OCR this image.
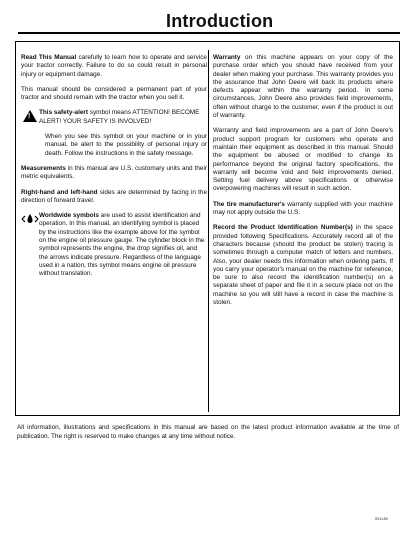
Introduction

Read This Manual carefully to learn how to operate and service your tractor correctly. Failure to do so could result in personal injury or equipment damage.

This manual should be considered a permanent part of your tractor and should remain with the tractor when you sell it.

!
This safety-alert symbol means ATTENTION! BECOME ALERT! YOUR SAFETY IS INVOLVED!

When you see this symbol on your machine or in your manual, be alert to the possibility of personal injury or death. Follow the instructions in the safety message.

Measurements in this manual are U.S. customary units and their metric equivalents.

Right-hand and left-hand sides are determined by facing in the direction of forward travel.

Worldwide symbols are used to assist identification and operation. In this manual, an identifying symbol is placed by the instructions like the example above for the symbol on the engine oil pressure gauge. The cylinder block in the symbol represents the engine, the drop signifies oil, and the arrows indicate pressure. Regardless of the language used in a nation, this symbol means engine oil pressure without translation.

Warranty on this machine appears on your copy of the purchase order which you should have received from your dealer when making your purchase. This warranty provides you the assurance that John Deere will back its products where defects appear within the warranty period. In some circumstances, John Deere also provides field improvements, often without charge to the customer, even if the product is out of warranty.

Warranty and field improvements are a part of John Deere's product support program for customers who operate and maintain their equipment as described in this manual. Should the equipment be abused or modified to change its performance beyond the original factory specifications, the warranty will become void and field improvements denied. Setting fuel delivery above specifications or otherwise overpowering machines will result in such action.

The tire manufacturer's warranty supplied with your machine may not apply outside the U.S.

Record the Product Identification Number(s) in the space provided following Specifications. Accurately record all of the characters because (should the product be stolen) tracing is sometimes through a computer match of letters and numbers. Also, your dealer needs this information when ordering parts. If you carry your operator's manual on the machine for reference, be sure to also record the identification number(s) on a separate sheet of paper and file it in a secure place not on the machine so you will still have a record in case the machine is stolen.

All information, illustrations and specifications in this manual are based on the latest product information available at the time of publication. The right is reserved to make changes at any time without notice.
051180
